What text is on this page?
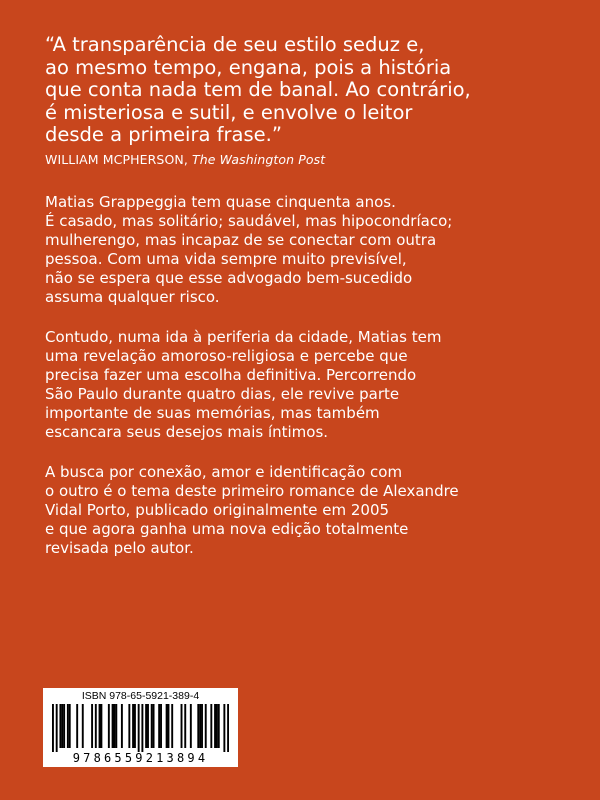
“A transparência de seu estilo seduz e,
ao mesmo tempo, engana, pois a história
que conta nada tem de banal. Ao contrário,
é misteriosa e sutil, e envolve o leitor
desde a primeira frase.”

WILLIAM MCPHERSON, The Washington Post

Matias Grappeggia tem quase cinquenta anos.
É casado, mas solitário; saudável, mas hipocondríaco;
mulherengo, mas incapaz de se conectar com outra
pessoa. Com uma vida sempre muito previsível,
não se espera que esse advogado bem-sucedido
assuma qualquer risco.

Contudo, numa ida à periferia da cidade, Matias tem
uma revelação amoroso-religiosa e percebe que
precisa fazer uma escolha definitiva. Percorrendo
São Paulo durante quatro dias, ele revive parte
importante de suas memórias, mas também
escancara seus desejos mais íntimos.

A busca por conexão, amor e identificação com
o outro é o tema deste primeiro romance de Alexandre
Vidal Porto, publicado originalmente em 2005
e que agora ganha uma nova edição totalmente
revisada pelo autor.

ISBN 978-65-5921-389-4
9786559213894
